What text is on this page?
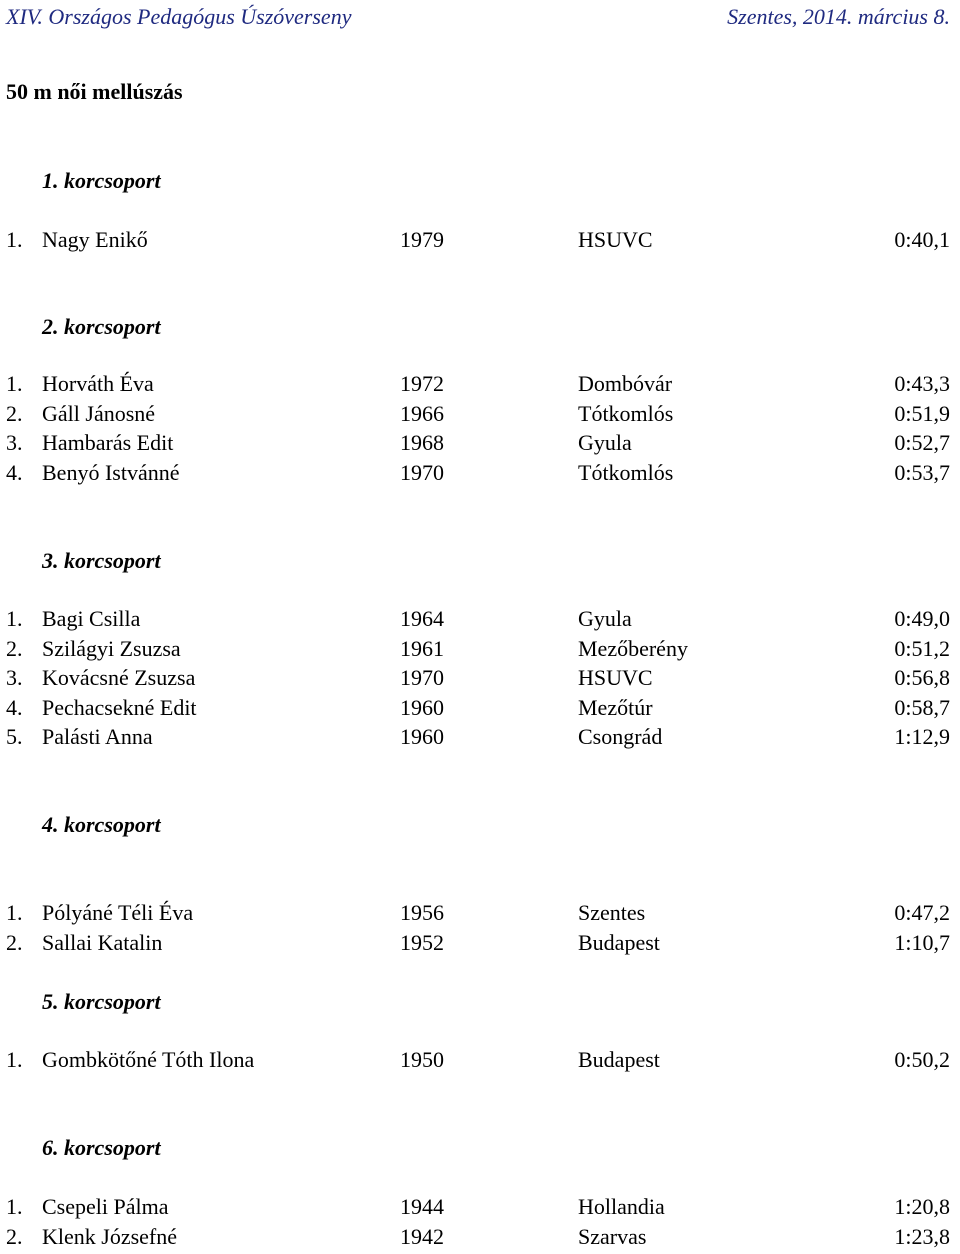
XIV. Országos Pedagógus Úszóverseny	Szentes, 2014. március 8.
50 m női mellúszás
1. korcsoport
1. Nagy Enikő	1979	HSUVC	0:40,1
2. korcsoport
1. Horváth Éva	1972	Dombóvár	0:43,3
2. Gáll Jánosné	1966	Tótkomlós	0:51,9
3. Hambarás Edit	1968	Gyula	0:52,7
4. Benyó Istvánné	1970	Tótkomlós	0:53,7
3. korcsoport
1. Bagi Csilla	1964	Gyula	0:49,0
2. Szilágyi Zsuzsa	1961	Mezőberény	0:51,2
3. Kovácsné Zsuzsa	1970	HSUVC	0:56,8
4. Pechacsekné Edit	1960	Mezőtúr	0:58,7
5. Palásti Anna	1960	Csongrád	1:12,9
4. korcsoport
1. Pólyáné Téli Éva	1956	Szentes	0:47,2
2. Sallai Katalin	1952	Budapest	1:10,7
5. korcsoport
1. Gombkötőné Tóth Ilona	1950	Budapest	0:50,2
6. korcsoport
1. Csepeli Pálma	1944	Hollandia	1:20,8
2. Klenk Józsefné	1942	Szarvas	1:23,8
